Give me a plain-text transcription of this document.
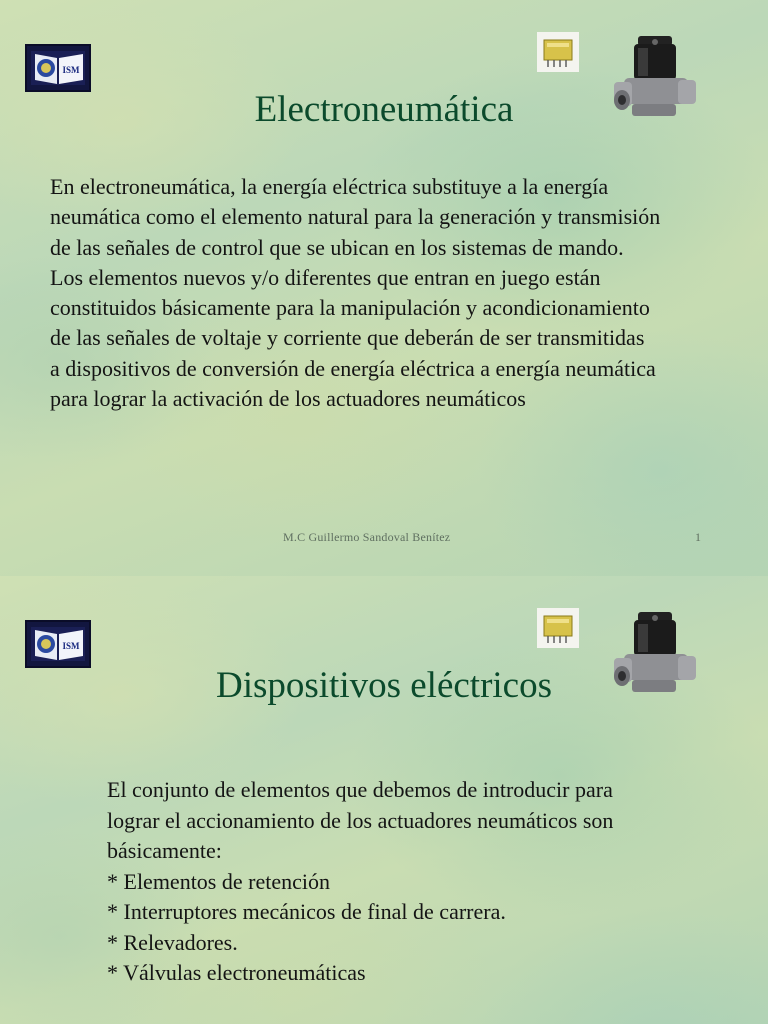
ISM
Electroneumática

En electroneumática, la energía eléctrica substituye a la energía

neumática como el elemento natural para la generación y transmisión

de las señales de control que se ubican en los sistemas de mando.

Los elementos nuevos y/o diferentes que entran en juego están

constituidos básicamente para la manipulación y acondicionamiento

de las señales de voltaje y corriente que deberán de ser transmitidas

a dispositivos de conversión de energía eléctrica a energía neumática

para lograr la activación de los actuadores neumáticos

M.C Guillermo Sandoval Benítez	1
ISM
Dispositivos eléctricos

El conjunto de elementos que debemos de introducir para

lograr el accionamiento de los actuadores neumáticos son

básicamente:

* Elementos de retención

* Interruptores mecánicos de final de carrera.

* Relevadores.

* Válvulas electroneumáticas
